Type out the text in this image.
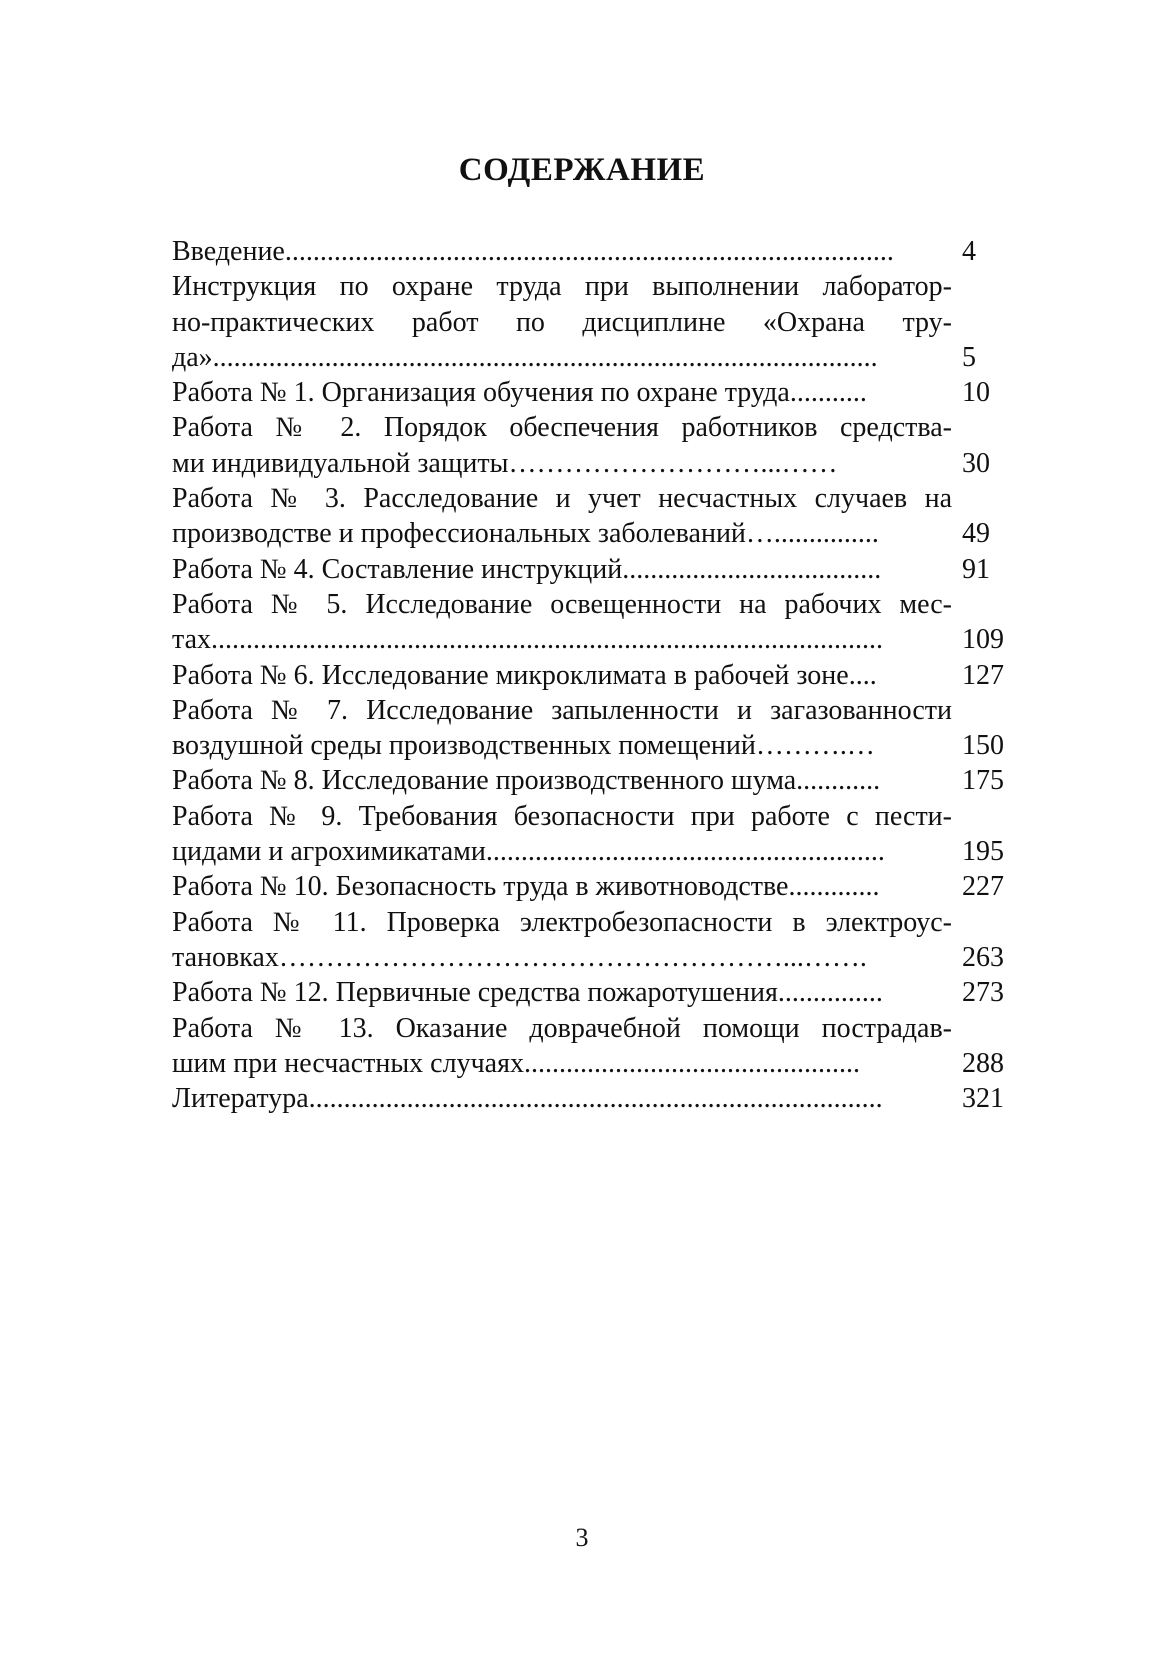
СОДЕРЖАНИЕ
Введение.......................................................................................	4
Инструкция по охране труда при выполнении лаборатор-
но-практических работ по дисциплине «Охрана тру-
да»...............................................................................................	5
Работа № 1. Организация обучения по охране труда...........	10
Работа № 2. Порядок обеспечения работников средства-
ми индивидуальной защиты………………………...……	30
Работа № 3. Расследование и учет несчастных случаев на
производстве и профессиональных заболеваний…...............	49
Работа № 4. Составление инструкций.....................................	91
Работа № 5. Исследование освещенности на рабочих мес-
тах................................................................................................	109
Работа № 6. Исследование микроклимата в рабочей зоне....	127
Работа № 7. Исследование запыленности и загазованности
воздушной среды производственных помещений……….…	150
Работа № 8. Исследование производственного шума............	175
Работа № 9. Требования безопасности при работе с пести-
цидами и агрохимикатами.........................................................	195
Работа № 10. Безопасность труда в животноводстве.............	227
Работа № 11. Проверка электробезопасности в электроус-
тановках………………………………………………...…….	263
Работа № 12. Первичные средства пожаротушения...............	273
Работа № 13. Оказание доврачебной помощи пострадав-
шим при несчастных случаях................................................	288
Литература..................................................................................	321
3
